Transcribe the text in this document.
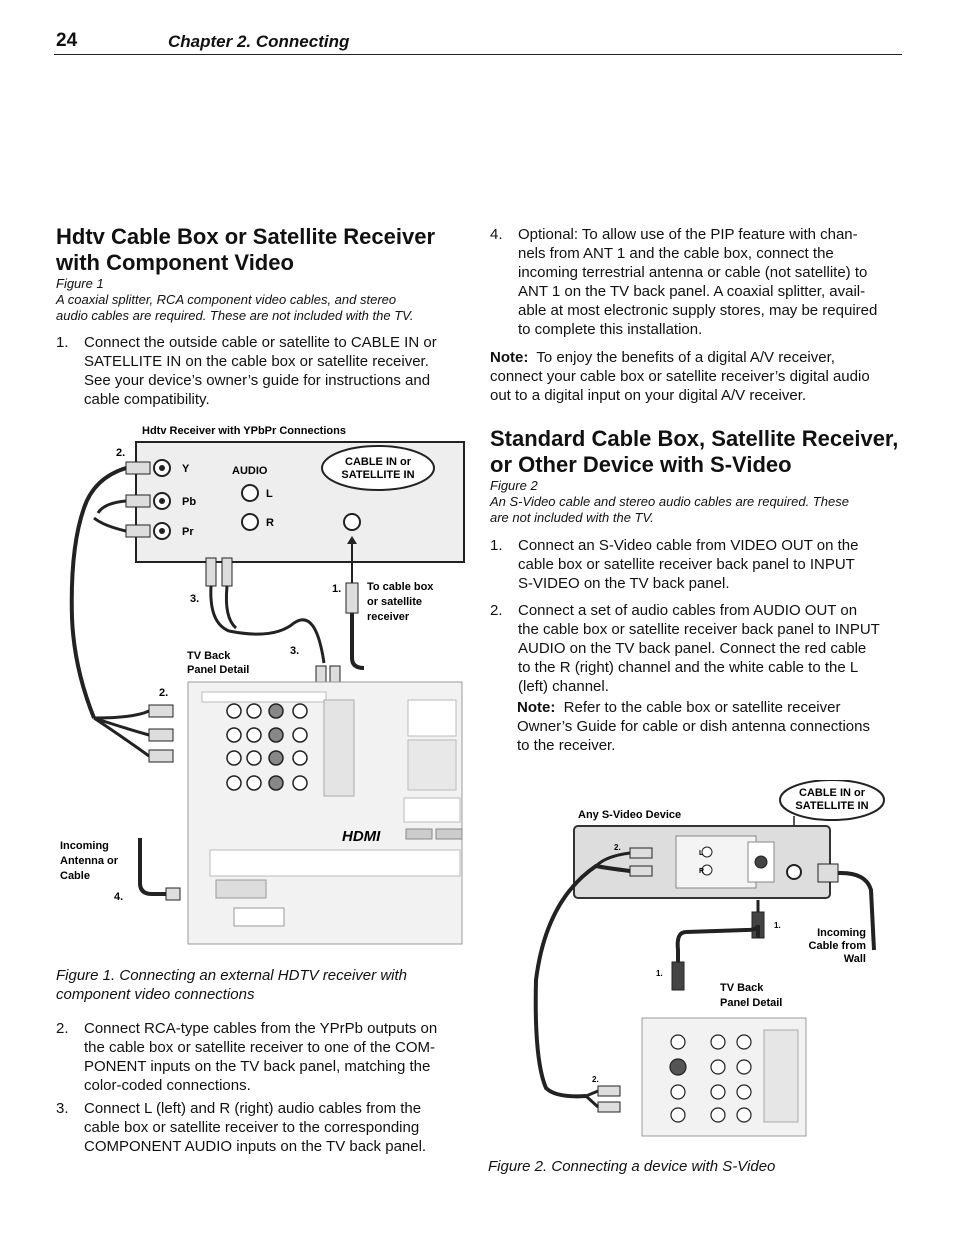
24	Chapter 2. Connecting
Hdtv Cable Box or Satellite Receiver
with Component Video
Figure 1
A coaxial splitter, RCA component video cables, and stereo
audio cables are required. These are not included with the TV.
1. Connect the outside cable or satellite to CABLE IN or
SATELLITE IN on the cable box or satellite receiver.
See your device’s owner’s guide for instructions and
cable compatibility.
Hdtv Receiver with YPbPr Connections
Y
Pb
Pr
AUDIO
L
R
CABLE IN or
SATELLITE IN
1. To cable box
or satellite
receiver
2.
3.
3.
TV Back
Panel Detail
2.
HDMI
Incoming
Antenna or
Cable
4.
Figure 1. Connecting an external HDTV receiver with
component video connections
2. Connect RCA-type cables from the YPrPb outputs on
the cable box or satellite receiver to one of the COM-
PONENT inputs on the TV back panel, matching the
color-coded connections.
3. Connect L (left) and R (right) audio cables from the
cable box or satellite receiver to the corresponding
COMPONENT AUDIO inputs on the TV back panel.
4. Optional: To allow use of the PIP feature with chan-
nels from ANT 1 and the cable box, connect the
incoming terrestrial antenna or cable (not satellite) to
ANT 1 on the TV back panel. A coaxial splitter, avail-
able at most electronic supply stores, may be required
to complete this installation.
Note: To enjoy the benefits of a digital A/V receiver,
connect your cable box or satellite receiver’s digital audio
out to a digital input on your digital A/V receiver.
Standard Cable Box, Satellite Receiver,
or Other Device with S-Video
Figure 2
An S-Video cable and stereo audio cables are required. These
are not included with the TV.
1. Connect an S-Video cable from VIDEO OUT on the
cable box or satellite receiver back panel to INPUT
S-VIDEO on the TV back panel.
2. Connect a set of audio cables from AUDIO OUT on
the cable box or satellite receiver back panel to INPUT
AUDIO on the TV back panel. Connect the red cable
to the R (right) channel and the white cable to the L
(left) channel.
Note: Refer to the cable box or satellite receiver
Owner’s Guide for cable or dish antenna connections
to the receiver.
CABLE IN or
SATELLITE IN
Any S-Video Device
L
R
Incoming
Cable from
Wall
2.
1.
1.
TV Back
Panel Detail
2.
Figure 2. Connecting a device with S-Video
